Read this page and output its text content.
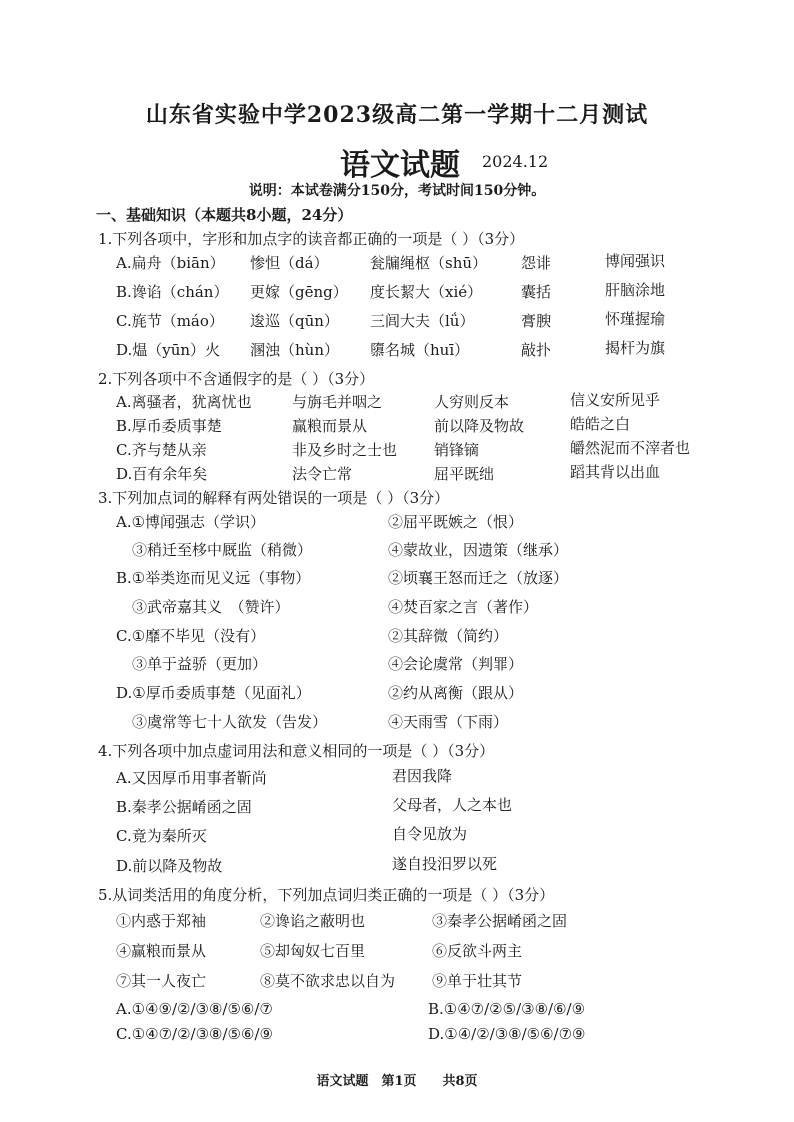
山东省实验中学2023级高二第一学期十二月测试
语文试题 2024.12
说明：本试卷满分150分，考试时间150分钟。
一、基础知识（本题共8小题，24分）
1.下列各项中，字形和加点字的读音都正确的一项是（ ）（3分）
A.扁舟（biān） 惨怛（dá）	瓮牖绳枢（shū） 怨诽	博闻强识
B.谗谄（chán） 更嫁（gēng） 度长絜大（xié）	囊括	肝脑涂地
C.旄节（máo） 逡巡（qūn） 三闾大夫（lǘ）	膏腴	怀瑾握瑜
D.煴（yūn）火 溷浊（hùn） 隳名城（huī）	敲扑	揭杆为旗
2.下列各项中不含通假字的是（ ）（3分）
A.离骚者，犹离忧也	与旃毛并咽之	人穷则反本	信义安所见乎
B.厚币委质事楚	赢粮而景从	前以降及物故	皓皓之白
C.齐与楚从亲	非及乡时之士也 销锋镝	皭然泥而不滓者也
D.百有余年矣	法令亡常	屈平既绌	蹈其背以出血
3.下列加点词的解释有两处错误的一项是（ ）（3分）
A.①博闻强志（学识）	②屈平既嫉之（恨）
③稍迁至栘中厩监（稍微）	④蒙故业，因遗策（继承）
B.①举类迩而见义远（事物）	②顷襄王怒而迁之（放逐）
③武帝嘉其义　（赞许）	④焚百家之言（著作）
C.①靡不毕见（没有）	②其辞微（简约）
③单于益骄（更加）	④会论虞常（判罪）
D.①厚币委质事楚（见面礼）	②约从离衡（跟从）
③虞常等七十人欲发（告发）	④天雨雪（下雨）
4.下列各项中加点虚词用法和意义相同的一项是（ ）（3分）
A.又因厚币用事者靳尚	君因我降
B.秦孝公据崤函之固	父母者，人之本也
C.竟为秦所灭	自令见放为
D.前以降及物故	遂自投汨罗以死
5.从词类活用的角度分析，下列加点词归类正确的一项是（ ）（3分）
①内惑于郑袖	②谗谄之蔽明也	③秦孝公据崤函之固
④赢粮而景从	⑤却匈奴七百里	⑥反欲斗两主
⑦其一人夜亡	⑧莫不欲求忠以自为 ⑨单于壮其节
A.①④⑨/②/③⑧/⑤⑥/⑦	B.①④⑦/②⑤/③⑧/⑥/⑨
C.①④⑦/②/③⑧/⑤⑥/⑨	D.①④/②/③⑧/⑤⑥/⑦⑨
语文试题　第1页　　共8页
